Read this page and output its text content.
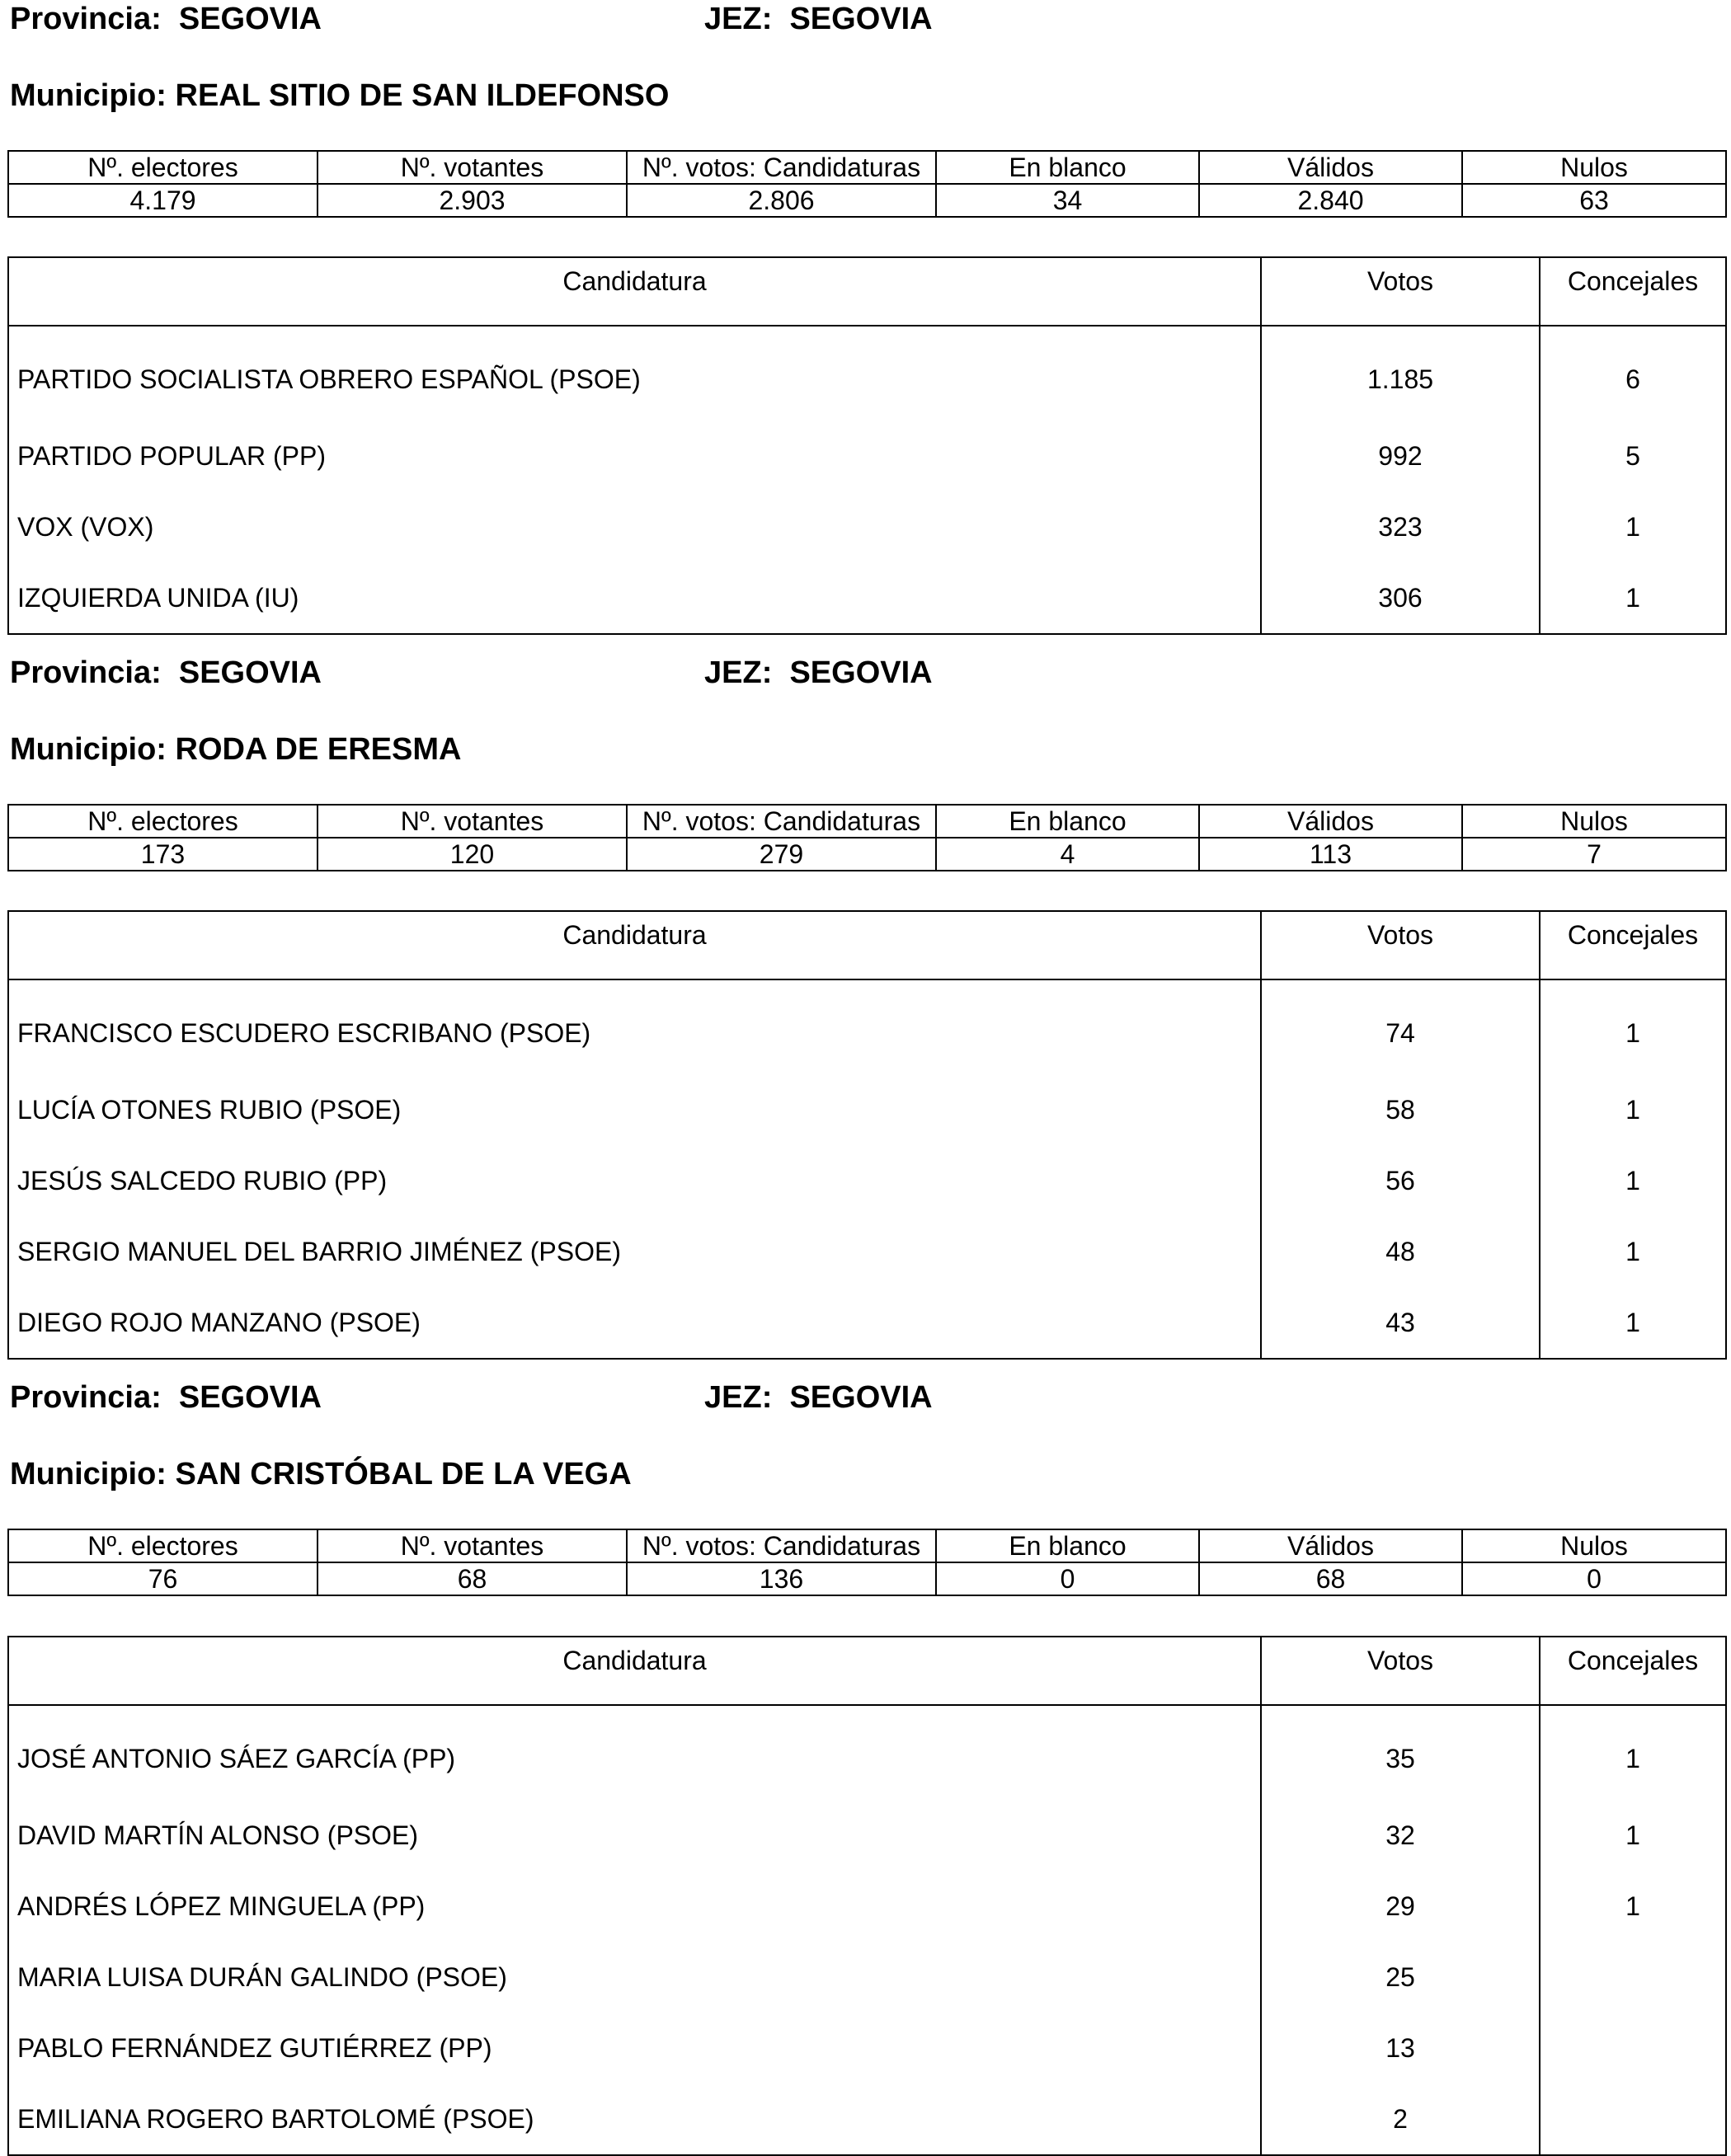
Provincia:  SEGOVIA	JEZ:  SEGOVIA
Municipio: REAL SITIO DE SAN ILDEFONSO
Nº. electores	Nº. votantes	Nº. votos: Candidaturas	En blanco	Válidos	Nulos
4.179	2.903	2.806	34	2.840	63
Candidatura	Votos	Concejales
PARTIDO SOCIALISTA OBRERO ESPAÑOL (PSOE)	1.185	6
PARTIDO POPULAR (PP)	992	5
VOX (VOX)	323	1
IZQUIERDA UNIDA (IU)	306	1
Provincia:  SEGOVIA	JEZ:  SEGOVIA
Municipio: RODA DE ERESMA
Nº. electores	Nº. votantes	Nº. votos: Candidaturas	En blanco	Válidos	Nulos
173	120	279	4	113	7
Candidatura	Votos	Concejales
FRANCISCO ESCUDERO ESCRIBANO (PSOE)	74	1
LUCÍA OTONES RUBIO (PSOE)	58	1
JESÚS SALCEDO RUBIO (PP)	56	1
SERGIO MANUEL DEL BARRIO JIMÉNEZ (PSOE)	48	1
DIEGO ROJO MANZANO (PSOE)	43	1
Provincia:  SEGOVIA	JEZ:  SEGOVIA
Municipio: SAN CRISTÓBAL DE LA VEGA
Nº. electores	Nº. votantes	Nº. votos: Candidaturas	En blanco	Válidos	Nulos
76	68	136	0	68	0
Candidatura	Votos	Concejales
JOSÉ ANTONIO SÁEZ GARCÍA (PP)	35	1
DAVID MARTÍN ALONSO (PSOE)	32	1
ANDRÉS LÓPEZ MINGUELA (PP)	29	1
MARIA LUISA DURÁN GALINDO (PSOE)	25	
PABLO FERNÁNDEZ GUTIÉRREZ (PP)	13	
EMILIANA ROGERO BARTOLOMÉ (PSOE)	2	
